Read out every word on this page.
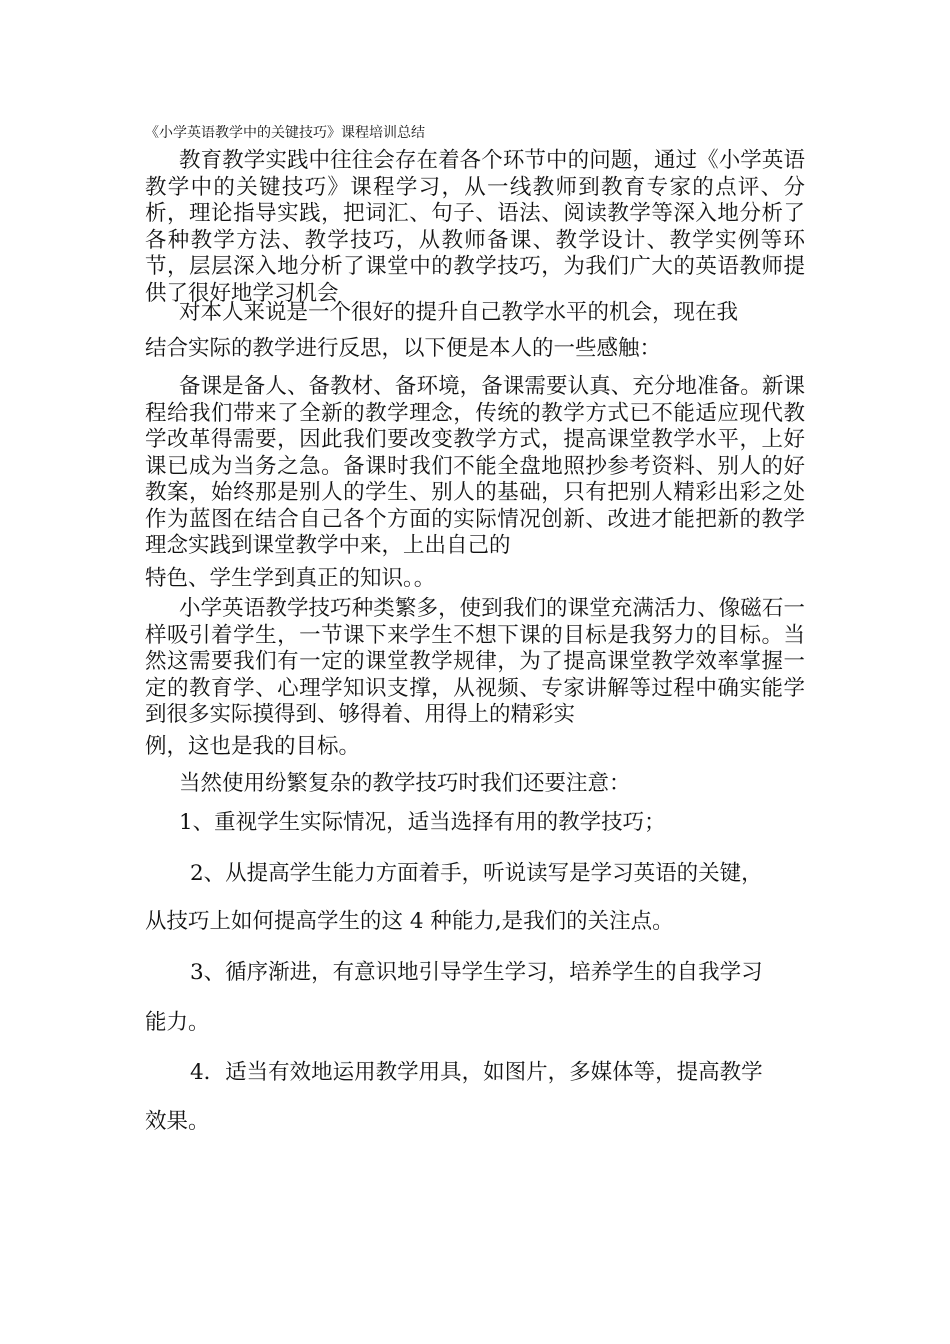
《小学英语教学中的关键技巧》课程培训总结

教育教学实践中往往会存在着各个环节中的问题，通过《小学英语教学中的关键技巧》课程学习，从一线教师到教育专家的点评、分析，理论指导实践，把词汇、句子、语法、阅读教学等深入地分析了各种教学方法、教学技巧，从教师备课、教学设计、教学实例等环节，层层深入地分析了课堂中的教学技巧，为我们广大的英语教师提供了很好地学习机会

对本人来说是一个很好的提升自己教学水平的机会，现在我

结合实际的教学进行反思，以下便是本人的一些感触：

备课是备人、备教材、备环境，备课需要认真、充分地准备。新课程给我们带来了全新的教学理念，传统的教学方式已不能适应现代教学改革得需要，因此我们要改变教学方式，提高课堂教学水平，上好课已成为当务之急。备课时我们不能全盘地照抄参考资料、别人的好教案，始终那是别人的学生、别人的基础，只有把别人精彩出彩之处作为蓝图在结合自己各个方面的实际情况创新、改进才能把新的教学理念实践到课堂教学中来，上出自己的

特色、学生学到真正的知识。。

小学英语教学技巧种类繁多，使到我们的课堂充满活力、像磁石一样吸引着学生，一节课下来学生不想下课的目标是我努力的目标。当然这需要我们有一定的课堂教学规律，为了提高课堂教学效率掌握一定的教育学、心理学知识支撑，从视频、专家讲解等过程中确实能学到很多实际摸得到、够得着、用得上的精彩实

例，这也是我的目标。

当然使用纷繁复杂的教学技巧时我们还要注意：

1、重视学生实际情况，适当选择有用的教学技巧；

2、从提高学生能力方面着手，听说读写是学习英语的关键，

从技巧上如何提高学生的这 4 种能力,是我们的关注点。

3、循序渐进，有意识地引导学生学习，培养学生的自我学习

能力。

4．适当有效地运用教学用具，如图片，多媒体等，提高教学

效果。
